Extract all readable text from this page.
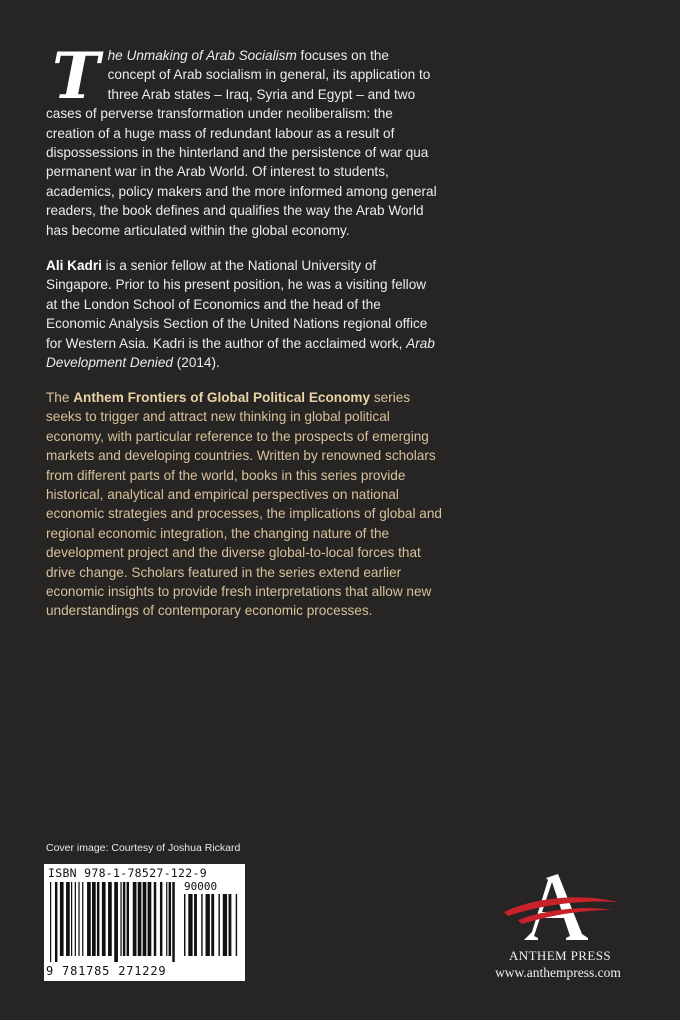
The Unmaking of Arab Socialism focuses on the concept of Arab socialism in general, its application to three Arab states – Iraq, Syria and Egypt – and two cases of perverse transformation under neoliberalism: the creation of a huge mass of redundant labour as a result of dispossessions in the hinterland and the persistence of war qua permanent war in the Arab World. Of interest to students, academics, policy makers and the more informed among general readers, the book defines and qualifies the way the Arab World has become articulated within the global economy.

Ali Kadri is a senior fellow at the National University of Singapore. Prior to his present position, he was a visiting fellow at the London School of Economics and the head of the Economic Analysis Section of the United Nations regional office for Western Asia. Kadri is the author of the acclaimed work, Arab Development Denied (2014).
The Anthem Frontiers of Global Political Economy series seeks to trigger and attract new thinking in global political economy, with particular reference to the prospects of emerging markets and developing countries. Written by renowned scholars from different parts of the world, books in this series provide historical, analytical and empirical perspectives on national economic strategies and processes, the implications of global and regional economic integration, the changing nature of the development project and the diverse global-to-local forces that drive change. Scholars featured in the series extend earlier economic insights to provide fresh interpretations that allow new understandings of contemporary economic processes.
Cover image: Courtesy of Joshua Rickard
ISBN 978-1-78527-122-9
90000
9 781785 271229
ANTHEM PRESS
www.anthempress.com
